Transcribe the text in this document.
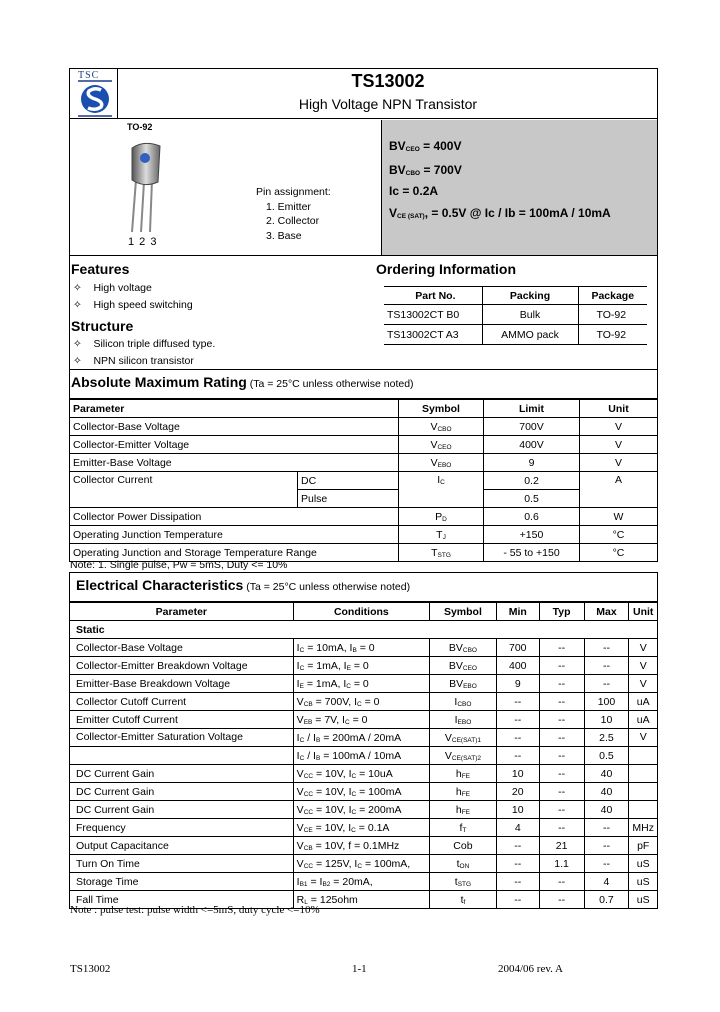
TSC	TS13002
High Voltage NPN Transistor
TO-92
1 2 3
Pin assignment:
1. Emitter
2. Collector
3. Base
$BV_{CEO} = 400V$
$BV_{CBO} = 700V$
Ic = 0.2A
$V_{CE (SAT)}$, = 0.5V @ Ic / Ib = 100mA / 10mA
Features
✧    High voltage
✧    High speed switching
Structure
✧    Silicon triple diffused type.
✧    NPN silicon transistor
Ordering Information
Part No.	Packing	Package
TS13002CT B0	Bulk	TO-92
TS13002CT A3	AMMO pack	TO-92
Absolute Maximum Rating (Ta = 25°C unless otherwise noted)
Parameter		Symbol	Limit	Unit
Collector-Base Voltage		$V_{CBO}$	700V	V
Collector-Emitter Voltage		$V_{CEO}$	400V	V
Emitter-Base Voltage		$V_{EBO}$	9	V
Collector Current	DC	$I_C$	0.2	A
	Pulse		0.5	
Collector Power Dissipation		$P_D$	0.6	W
Operating Junction Temperature		$T_J$	+150	°C
Operating Junction and Storage Temperature Range		$T_{STG}$	- 55 to +150	°C
Note: 1. Single pulse, Pw = 5mS, Duty <= 10%
Electrical Characteristics (Ta = 25°C unless otherwise noted)
Parameter	Conditions	Symbol	Min	Typ	Max	Unit
Static						
Collector-Base Voltage	$I_C = 10mA$, $I_B = 0$	$BV_{CBO}$	700	--	--	V
Collector-Emitter Breakdown Voltage	$I_C = 1mA$, $I_E = 0$	$BV_{CEO}$	400	--	--	V
Emitter-Base Breakdown Voltage	$I_E = 1mA$, $I_C = 0$	$BV_{EBO}$	9	--	--	V
Collector Cutoff Current	$V_{CB} = 700V$, $I_C = 0$	$I_{CBO}$	--	--	100	uA
Emitter Cutoff Current	$V_{EB} = 7V$, $I_C = 0$	$I_{EBO}$	--	--	10	uA
Collector-Emitter Saturation Voltage	$I_C / I_B = 200mA / 20mA$	$V_{CE(SAT)1}$	--	--	2.5	V
	$I_C / I_B = 100mA / 10mA$	$V_{CE(SAT)2}$	--	--	0.5	
DC Current Gain	$V_{CC} = 10V$, $I_C = 10uA$	$h_{FE}$	10	--	40	
DC Current Gain	$V_{CC} = 10V$, $I_C = 100mA$	$h_{FE}$	20	--	40	
DC Current Gain	$V_{CC} = 10V$, $I_C = 200mA$	$h_{FE}$	10	--	40	
Frequency	$V_{CE} = 10V$, $I_C = 0.1A$	$f_T$	4	--	--	MHz
Output Capacitance	$V_{CB} = 10V$, f = 0.1MHz	Cob	--	21	--	pF
Turn On Time	$V_{CC} = 125V$, $I_C = 100mA$,	$t_{ON}$	--	1.1	--	uS
Storage Time	$I_{B1} = I_{B2} = 20mA$,	$t_{STG}$	--	--	4	uS
Fall Time	$R_L = 125ohm$	$t_f$	--	--	0.7	uS
Note : pulse test: pulse width <=5mS, duty cycle <=10%
TS13002	1-1	2004/06 rev. A
